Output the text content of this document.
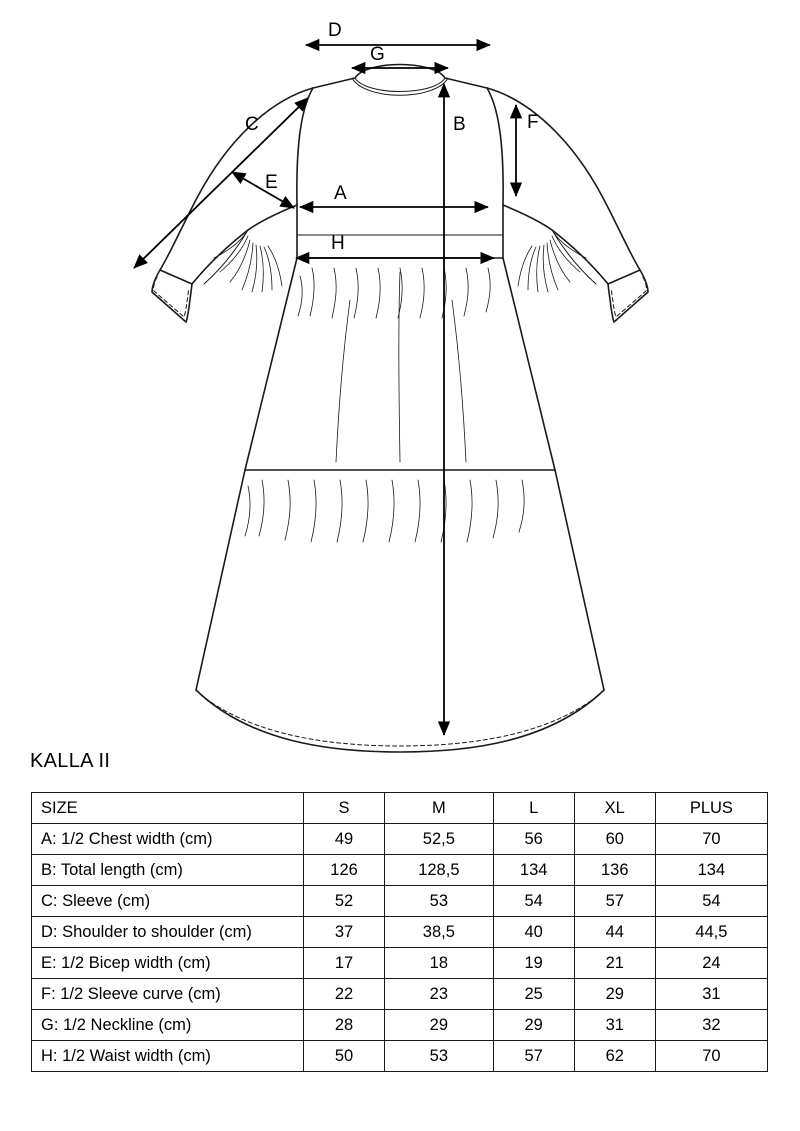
D
G
B	F
C
E
A
H
KALLA II
SIZE	S	M	L	XL	PLUS
A: 1/2 Chest width (cm)	49	52,5	56	60	70
B: Total length (cm)	126	128,5	134	136	134
C: Sleeve (cm)	52	53	54	57	54
D: Shoulder to shoulder (cm)	37	38,5	40	44	44,5
E: 1/2 Bicep width (cm)	17	18	19	21	24
F: 1/2 Sleeve curve (cm)	22	23	25	29	31
G: 1/2 Neckline (cm)	28	29	29	31	32
H: 1/2 Waist width (cm)	50	53	57	62	70
